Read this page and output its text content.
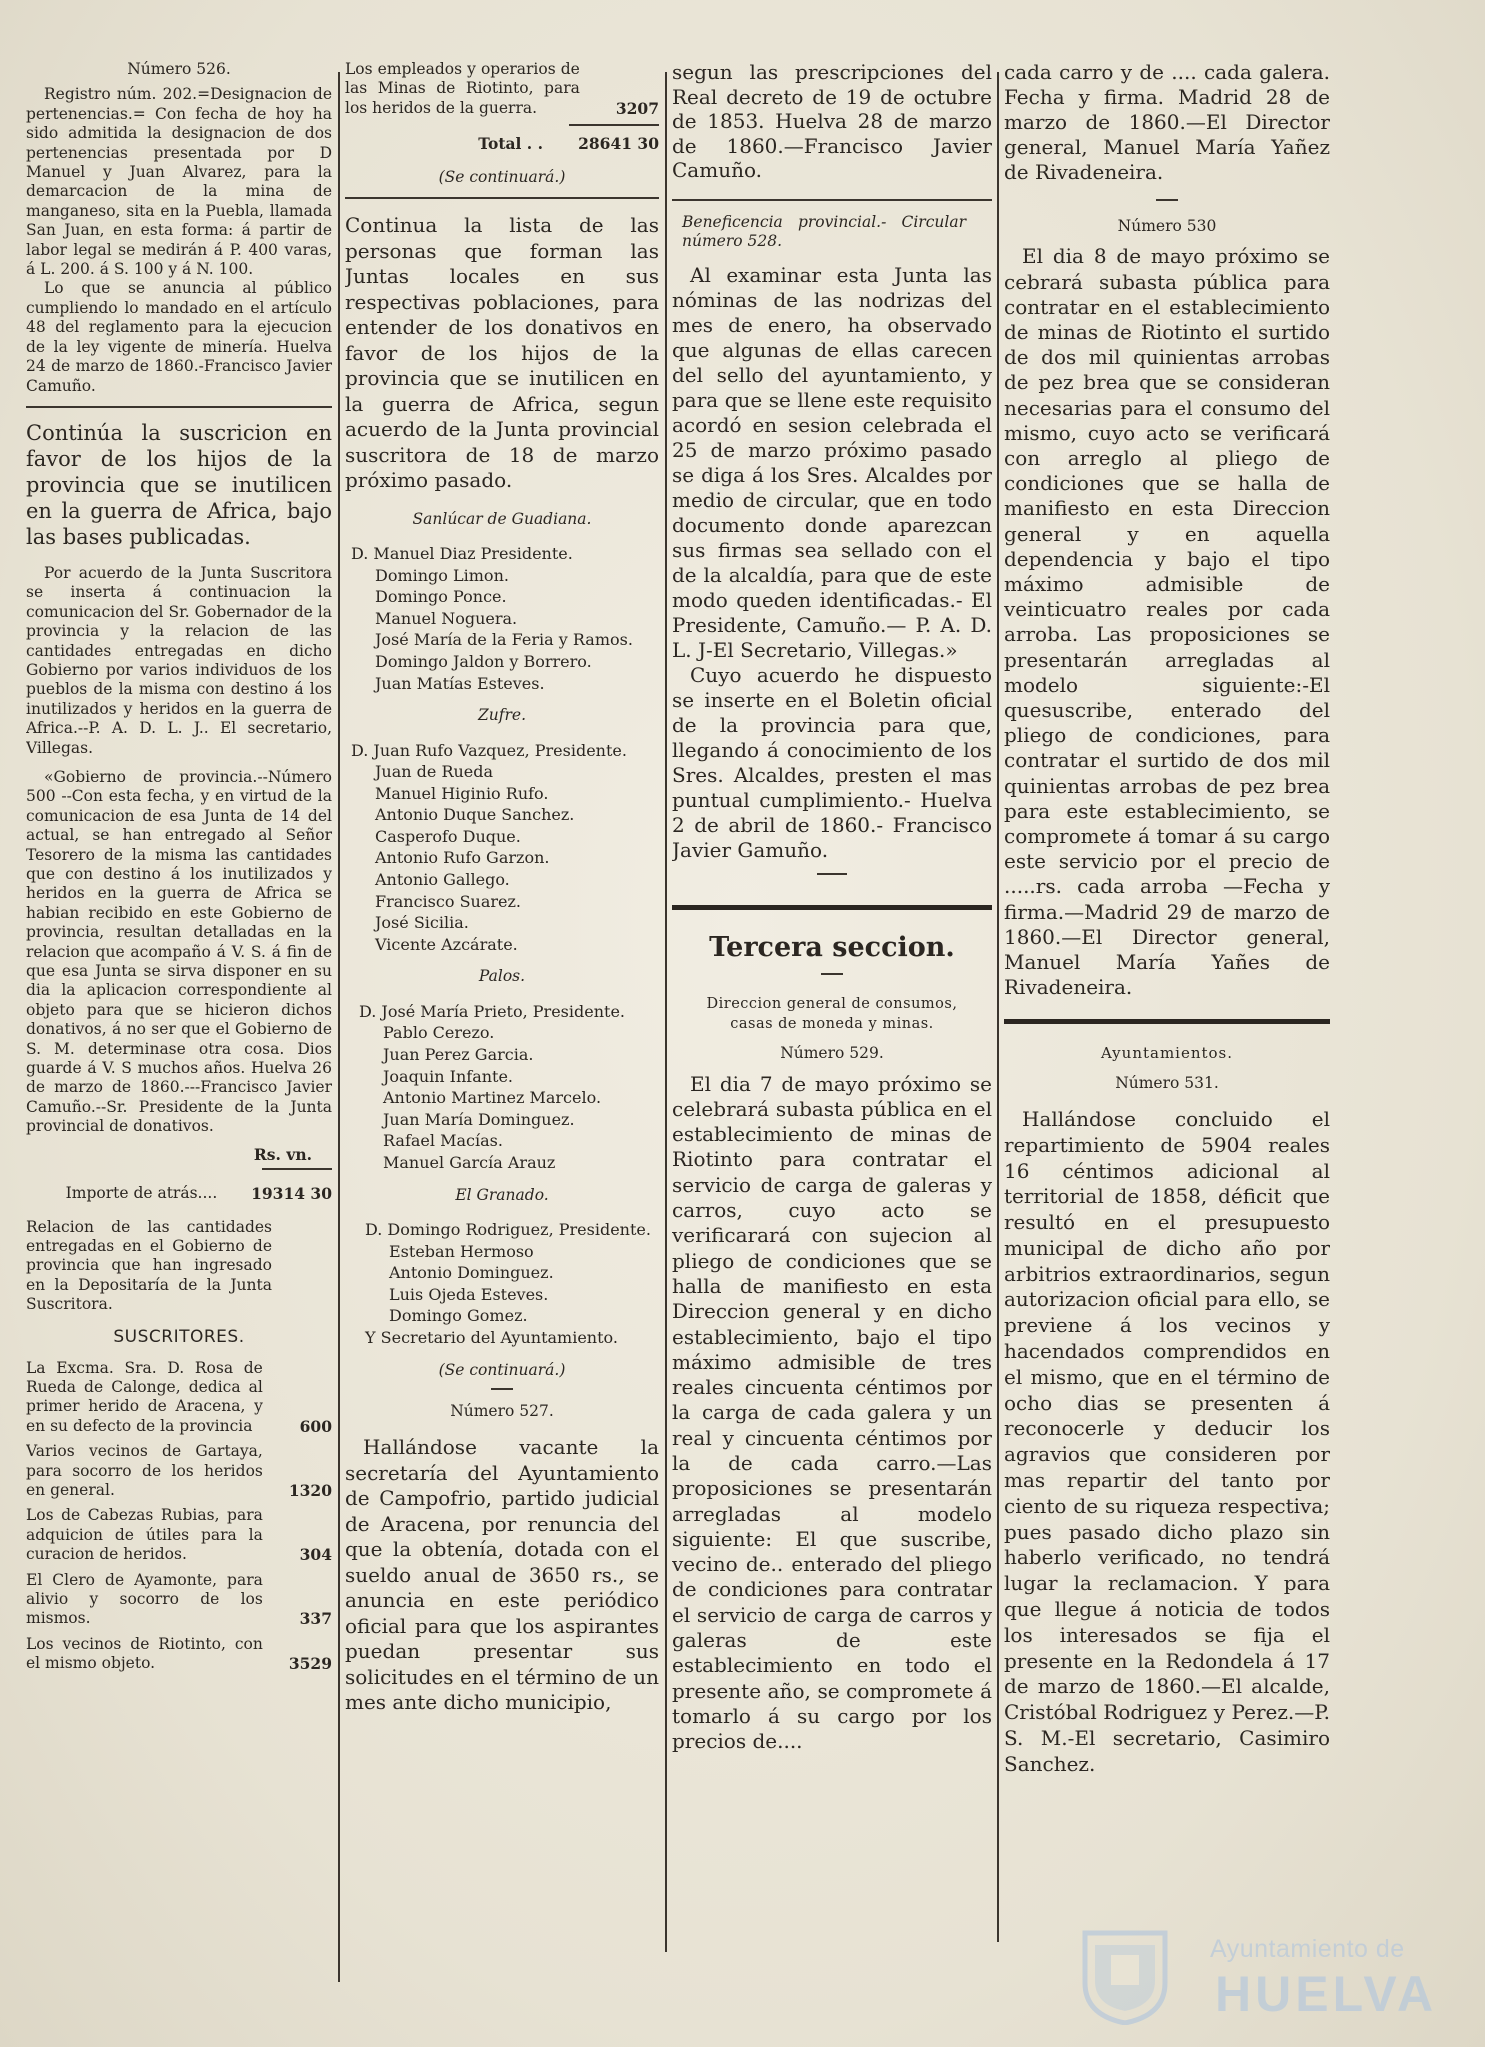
Número 526.

Registro núm. 202.=Designacion de pertenencias.= Con fecha de hoy ha sido admitida la designacion de dos pertenencias presentada por D Manuel y Juan Alvarez, para la demarcacion de la mina de manganeso, sita en la Puebla, llamada San Juan, en esta forma: á partir de labor legal se medirán á P. 400 varas, á L. 200. á S. 100 y á N. 100.

Lo que se anuncia al público cumpliendo lo mandado en el artículo 48 del reglamento para la ejecucion de la ley vigente de minería. Huelva 24 de marzo de 1860.-Francisco Javier Camuño.

Continúa la suscricion en favor de los hijos de la provincia que se inutilicen en la guerra de Africa, bajo las bases publicadas.

Por acuerdo de la Junta Suscritora se inserta á continuacion la comunicacion del Sr. Gobernador de la provincia y la relacion de las cantidades entregadas en dicho Gobierno por varios individuos de los pueblos de la misma con destino á los inutilizados y heridos en la guerra de Africa.--P. A. D. L. J.. El secretario, Villegas.

«Gobierno de provincia.--Número 500 --Con esta fecha, y en virtud de la comunicacion de esa Junta de 14 del actual, se han entregado al Señor Tesorero de la misma las cantidades que con destino á los inutilizados y heridos en la guerra de Africa se habian recibido en este Gobierno de provincia, resultan detalladas en la relacion que acompaño á V. S. á fin de que esa Junta se sirva disponer en su dia la aplicacion correspondiente al objeto para que se hicieron dichos donativos, á no ser que el Gobierno de S. M. determinase otra cosa. Dios guarde á V. S muchos años. Huelva 26 de marzo de 1860.---Francisco Javier Camuño.--Sr. Presidente de la Junta provincial de donativos.

Rs. vn.

Importe de atrás....	19314 30

Relacion de las cantidades entregadas en el Gobierno de provincia que han ingresado en la Depositaría de la Junta Suscritora.

SUSCRITORES.

La Excma. Sra. D. Rosa de Rueda de Calonge, dedica al primer herido de Aracena, y en su defecto de la provincia	600
Varios vecinos de Gartaya, para socorro de los heridos en general.	1320
Los de Cabezas Rubias, para adquicion de útiles para la curacion de heridos.	304
El Clero de Ayamonte, para alivio y socorro de los mismos.	337
Los vecinos de Riotinto, con el mismo objeto.	3529
Los empleados y operarios de las Minas de Riotinto, para los heridos de la guerra.	3207
Total . .	28641 30

(Se continuará.)

Continua la lista de las personas que forman las Juntas locales en sus respectivas poblaciones, para entender de los donativos en favor de los hijos de la provincia que se inutilicen en la guerra de Africa, segun acuerdo de la Junta provincial suscritora de 18 de marzo próximo pasado.

Sanlúcar de Guadiana.

D. Manuel Diaz Presidente.
Domingo Limon.
Domingo Ponce.
Manuel Noguera.
José María de la Feria y Ramos.
Domingo Jaldon y Borrero.
Juan Matías Esteves.

Zufre.

D. Juan Rufo Vazquez, Presidente.
Juan de Rueda
Manuel Higinio Rufo.
Antonio Duque Sanchez.
Casperofo Duque.
Antonio Rufo Garzon.
Antonio Gallego.
Francisco Suarez.
José Sicilia.
Vicente Azcárate.

Palos.

D. José María Prieto, Presidente.
Pablo Cerezo.
Juan Perez Garcia.
Joaquin Infante.
Antonio Martinez Marcelo.
Juan María Dominguez.
Rafael Macías.
Manuel García Arauz

El Granado.

D. Domingo Rodriguez, Presidente.
Esteban Hermoso
Antonio Dominguez.
Luis Ojeda Esteves.
Domingo Gomez.
Y Secretario del Ayuntamiento.

(Se continuará.)

Número 527.

Hallándose vacante la secretaría del Ayuntamiento de Campofrio, partido judicial de Aracena, por renuncia del que la obtenía, dotada con el sueldo anual de 3650 rs., se anuncia en este periódico oficial para que los aspirantes puedan presentar sus solicitudes en el término de un mes ante dicho municipio,

segun las prescripciones del Real decreto de 19 de octubre de 1853. Huelva 28 de marzo de 1860.—Francisco Javier Camuño.

Beneficencia provincial.- Circular número 528.

Al examinar esta Junta las nóminas de las nodrizas del mes de enero, ha observado que algunas de ellas carecen del sello del ayuntamiento, y para que se llene este requisito acordó en sesion celebrada el 25 de marzo próximo pasado se diga á los Sres. Alcaldes por medio de circular, que en todo documento donde aparezcan sus firmas sea sellado con el de la alcaldía, para que de este modo queden identificadas.- El Presidente, Camuño.— P. A. D. L. J-El Secretario, Villegas.»

Cuyo acuerdo he dispuesto se inserte en el Boletin oficial de la provincia para que, llegando á conocimiento de los Sres. Alcaldes, presten el mas puntual cumplimiento.- Huelva 2 de abril de 1860.- Francisco Javier Gamuño.

Tercera seccion.

Direccion general de consumos, casas de moneda y minas.

Número 529.

El dia 7 de mayo próximo se celebrará subasta pública en el establecimiento de minas de Riotinto para contratar el servicio de carga de galeras y carros, cuyo acto se verificarará con sujecion al pliego de condiciones que se halla de manifiesto en esta Direccion general y en dicho establecimiento, bajo el tipo máximo admisible de tres reales cincuenta céntimos por la carga de cada galera y un real y cincuenta céntimos por la de cada carro.—Las proposiciones se presentarán arregladas al modelo siguiente: El que suscribe, vecino de.. enterado del pliego de condiciones para contratar el servicio de carga de carros y galeras de este establecimiento en todo el presente año, se compromete á tomarlo á su cargo por los precios de....

cada carro y de .... cada galera. Fecha y firma. Madrid 28 de marzo de 1860.—El Director general, Manuel María Yañez de Rivadeneira.

Número 530

El dia 8 de mayo próximo se cebrará subasta pública para contratar en el establecimiento de minas de Riotinto el surtido de dos mil quinientas arrobas de pez brea que se consideran necesarias para el consumo del mismo, cuyo acto se verificará con arreglo al pliego de condiciones que se halla de manifiesto en esta Direccion general y en aquella dependencia y bajo el tipo máximo admisible de veinticuatro reales por cada arroba. Las proposiciones se presentarán arregladas al modelo siguiente:-El quesuscribe, enterado del pliego de condiciones, para contratar el surtido de dos mil quinientas arrobas de pez brea para este establecimiento, se compromete á tomar á su cargo este servicio por el precio de .....rs. cada arroba —Fecha y firma.—Madrid 29 de marzo de 1860.—El Director general, Manuel María Yañes de Rivadeneira.

Ayuntamientos.

Número 531.

Hallándose concluido el repartimiento de 5904 reales 16 céntimos adicional al territorial de 1858, déficit que resultó en el presupuesto municipal de dicho año por arbitrios extraordinarios, segun autorizacion oficial para ello, se previene á los vecinos y hacendados comprendidos en el mismo, que en el término de ocho dias se presenten á reconocerle y deducir los agravios que consideren por mas repartir del tanto por ciento de su riqueza respectiva; pues pasado dicho plazo sin haberlo verificado, no tendrá lugar la reclamacion. Y para que llegue á noticia de todos los interesados se fija el presente en la Redondela á 17 de marzo de 1860.—El alcalde, Cristóbal Rodriguez y Perez.—P. S. M.-El secretario, Casimiro Sanchez.

Ayuntamiento de
HUELVA
